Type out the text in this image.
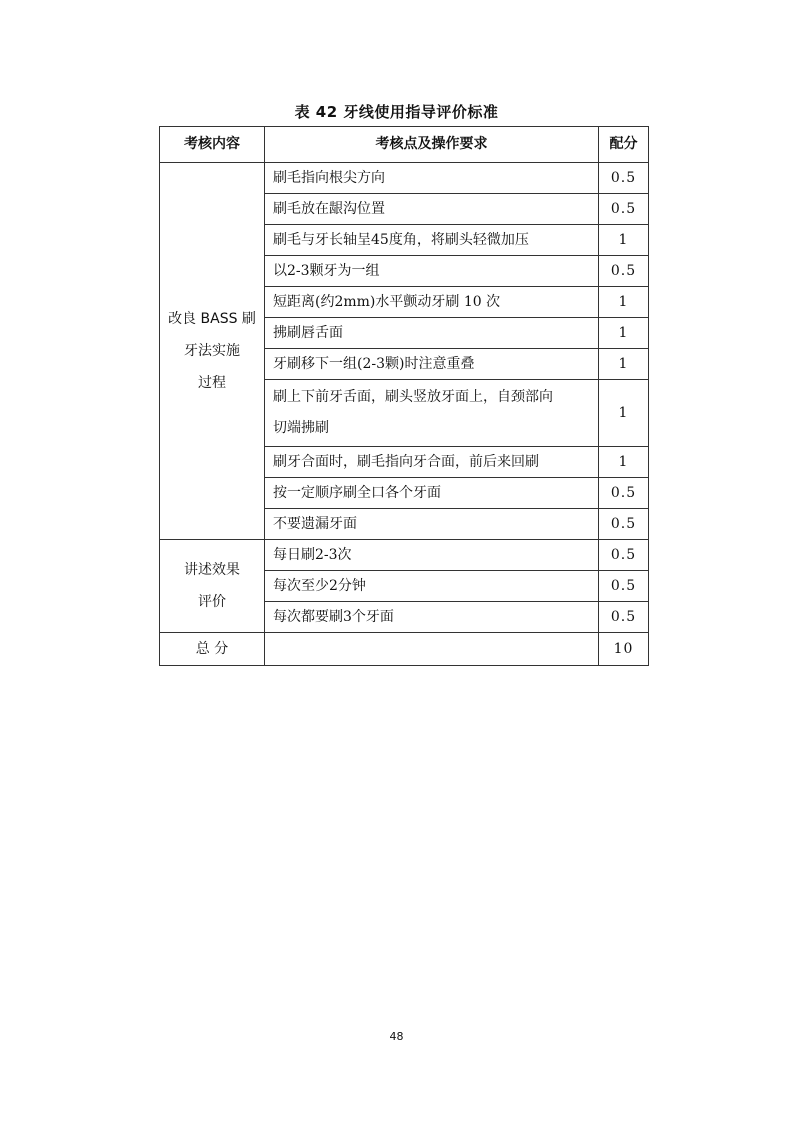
表 42 牙线使用指导评价标准
考核内容	考核点及操作要求	配分

改良 BASS 刷
牙法实施
过程	刷毛指向根尖方向	0.5
	刷毛放在龈沟位置	0.5
	刷毛与牙长轴呈45度角，将刷头轻微加压	1
	以2-3颗牙为一组	0.5
	短距离(约2mm)水平颤动牙刷 10 次	1
	拂刷唇舌面	1
	牙刷移下一组(2-3颗)时注意重叠	1

	刷上下前牙舌面，刷头竖放牙面上，自颈部向
切端拂刷	1
	刷牙合面时，刷毛指向牙合面，前后来回刷	1
	按一定顺序刷全口各个牙面	0.5
	不要遗漏牙面	0.5

讲述效果
评价	每日刷2-3次	0.5
	每次至少2分钟	0.5
	每次都要刷3个牙面	0.5
总 分		10
48
